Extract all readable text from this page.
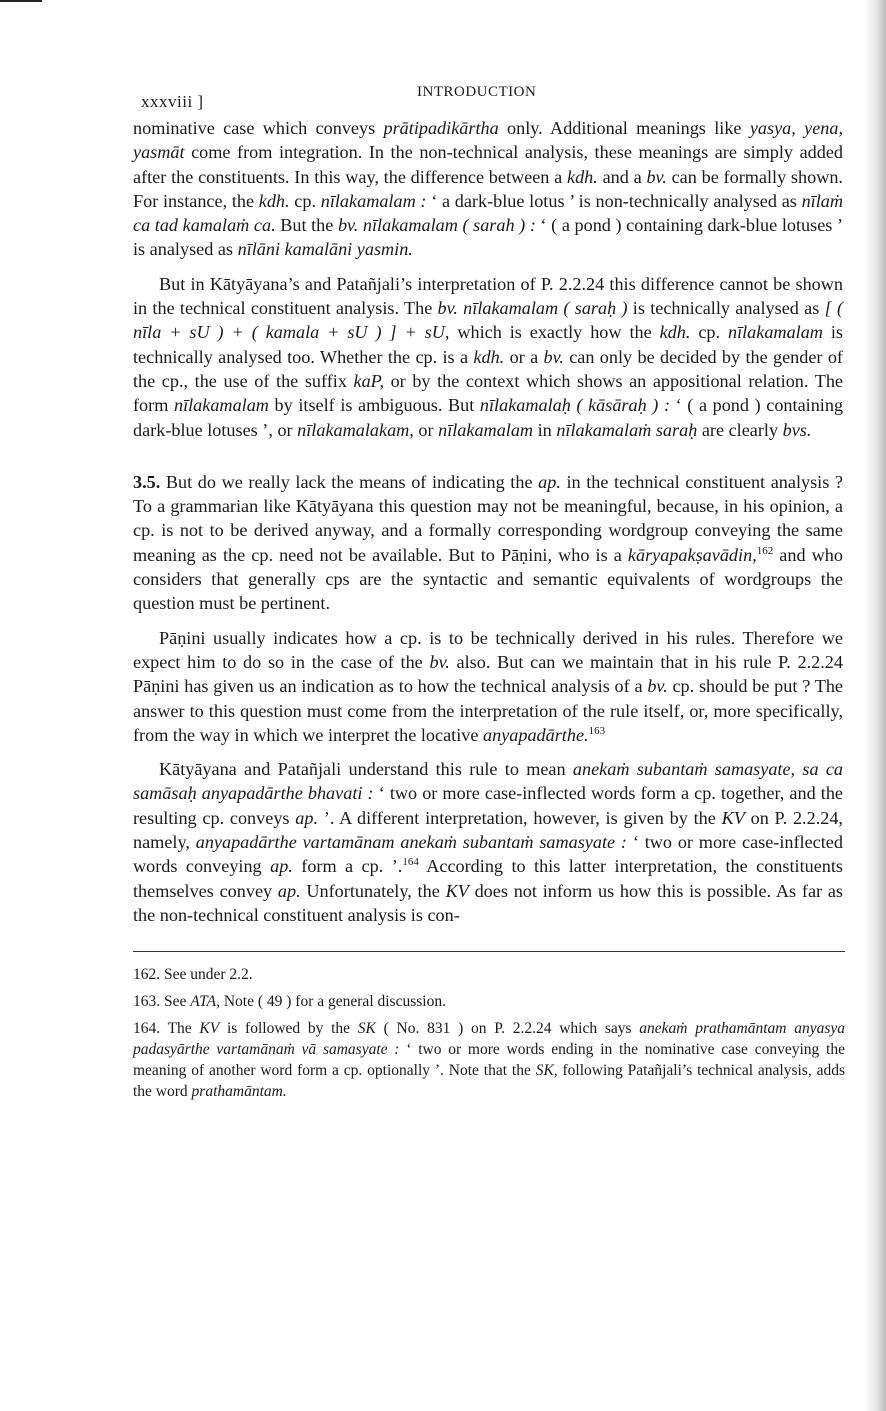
xxxviii ]	INTRODUCTION

nominative case which conveys prātipadikārtha only. Additional meanings like yasya, yena, yasmāt come from integration. In the non-technical analysis, these meanings are simply added after the constituents. In this way, the difference between a kdh. and a bv. can be formally shown. For instance, the kdh. cp. nīlakamalam : ‘ a dark-blue lotus ’ is non-technically analysed as nīlaṁ ca tad kamalaṁ ca. But the bv. nīlakamalam ( sarah ) : ‘ ( a pond ) containing dark-blue lotuses ’ is analysed as nīlāni kamalāni yasmin.

But in Kātyāyana’s and Patañjali’s interpretation of P. 2.2.24 this difference cannot be shown in the technical constituent analysis. The bv. nīlakamalam ( saraḥ ) is technically analysed as [ ( nīla + sU ) + ( kamala + sU ) ] + sU, which is exactly how the kdh. cp. nīlakamalam is technically analysed too. Whether the cp. is a kdh. or a bv. can only be decided by the gender of the cp., the use of the suffix kaP, or by the context which shows an appositional relation. The form nīlakamalam by itself is ambiguous. But nīlakamalaḥ ( kāsāraḥ ) : ‘ ( a pond ) containing dark-blue lotuses ’, or nīlakamalakam, or nīlakamalam in nīlakamalaṁ saraḥ are clearly bvs.

3.5. But do we really lack the means of indicating the ap. in the technical constituent analysis ? To a grammarian like Kātyāyana this question may not be meaningful, because, in his opinion, a cp. is not to be derived anyway, and a formally corresponding wordgroup conveying the same meaning as the cp. need not be available. But to Pāṇini, who is a kāryapakṣavādin,$^{162}$ and who considers that generally cps are the syntactic and semantic equivalents of wordgroups the question must be pertinent.

Pāṇini usually indicates how a cp. is to be technically derived in his rules. Therefore we expect him to do so in the case of the bv. also. But can we maintain that in his rule P. 2.2.24 Pāṇini has given us an indication as to how the technical analysis of a bv. cp. should be put ? The answer to this question must come from the interpretation of the rule itself, or, more specifically, from the way in which we interpret the locative anyapadārthe.$^{163}$

Kātyāyana and Patañjali understand this rule to mean anekaṁ subantaṁ samasyate, sa ca samāsaḥ anyapadārthe bhavati : ‘ two or more case-inflected words form a cp. together, and the resulting cp. conveys ap. ’. A different interpretation, however, is given by the KV on P. 2.2.24, namely, anyapadārthe vartamānam anekaṁ subantaṁ samasyate : ‘ two or more case-inflected words conveying ap. form a cp. ’.$^{164}$ According to this latter interpretation, the constituents themselves convey ap. Unfortunately, the KV does not inform us how this is possible. As far as the non-technical constituent analysis is con-

162. See under 2.2.
163. See ATA, Note ( 49 ) for a general discussion.
164. The KV is followed by the SK ( No. 831 ) on P. 2.2.24 which says anekaṁ prathamāntam anyasya padasyārthe vartamānaṁ vā samasyate : ‘ two or more words ending in the nominative case conveying the meaning of another word form a cp. optionally ’. Note that the SK, following Patañjali’s technical analysis, adds the word prathamāntam.
